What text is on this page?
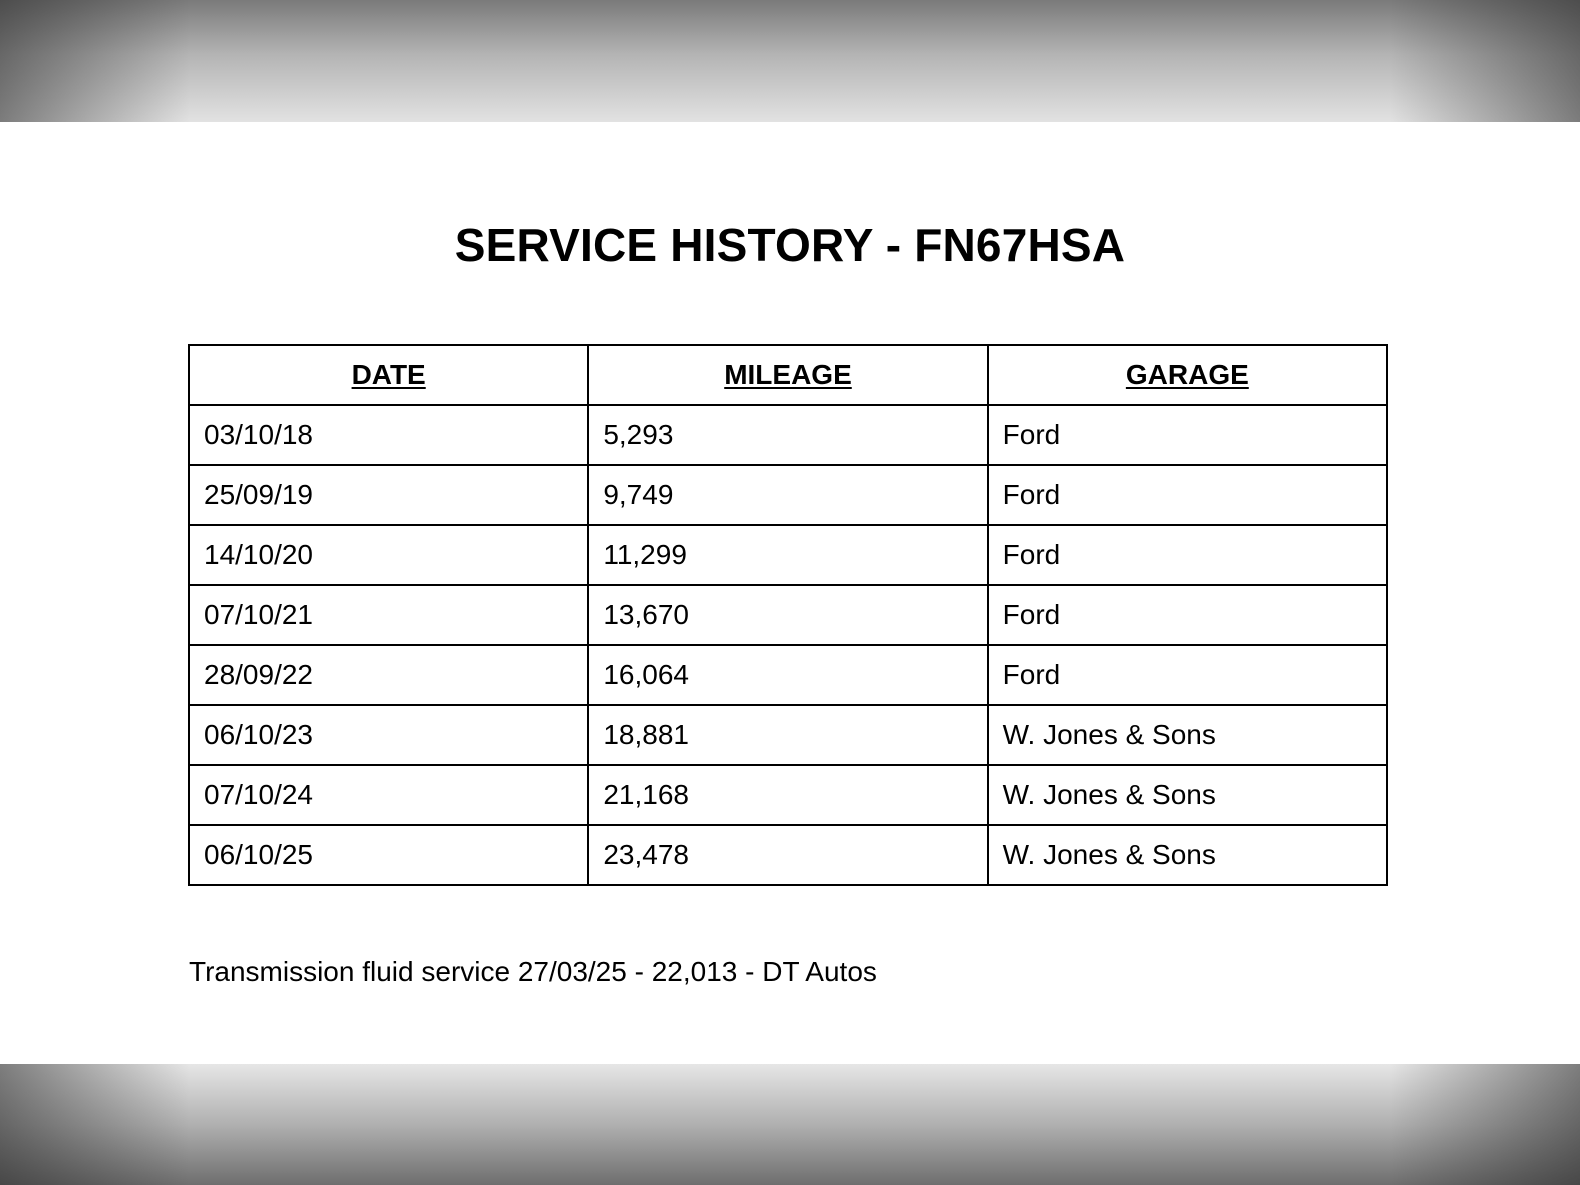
SERVICE HISTORY - FN67HSA
DATE	MILEAGE	GARAGE
03/10/18	5,293	Ford
25/09/19	9,749	Ford
14/10/20	11,299	Ford
07/10/21	13,670	Ford
28/09/22	16,064	Ford
06/10/23	18,881	W. Jones & Sons
07/10/24	21,168	W. Jones & Sons
06/10/25	23,478	W. Jones & Sons

Transmission fluid service 27/03/25 - 22,013 - DT Autos
